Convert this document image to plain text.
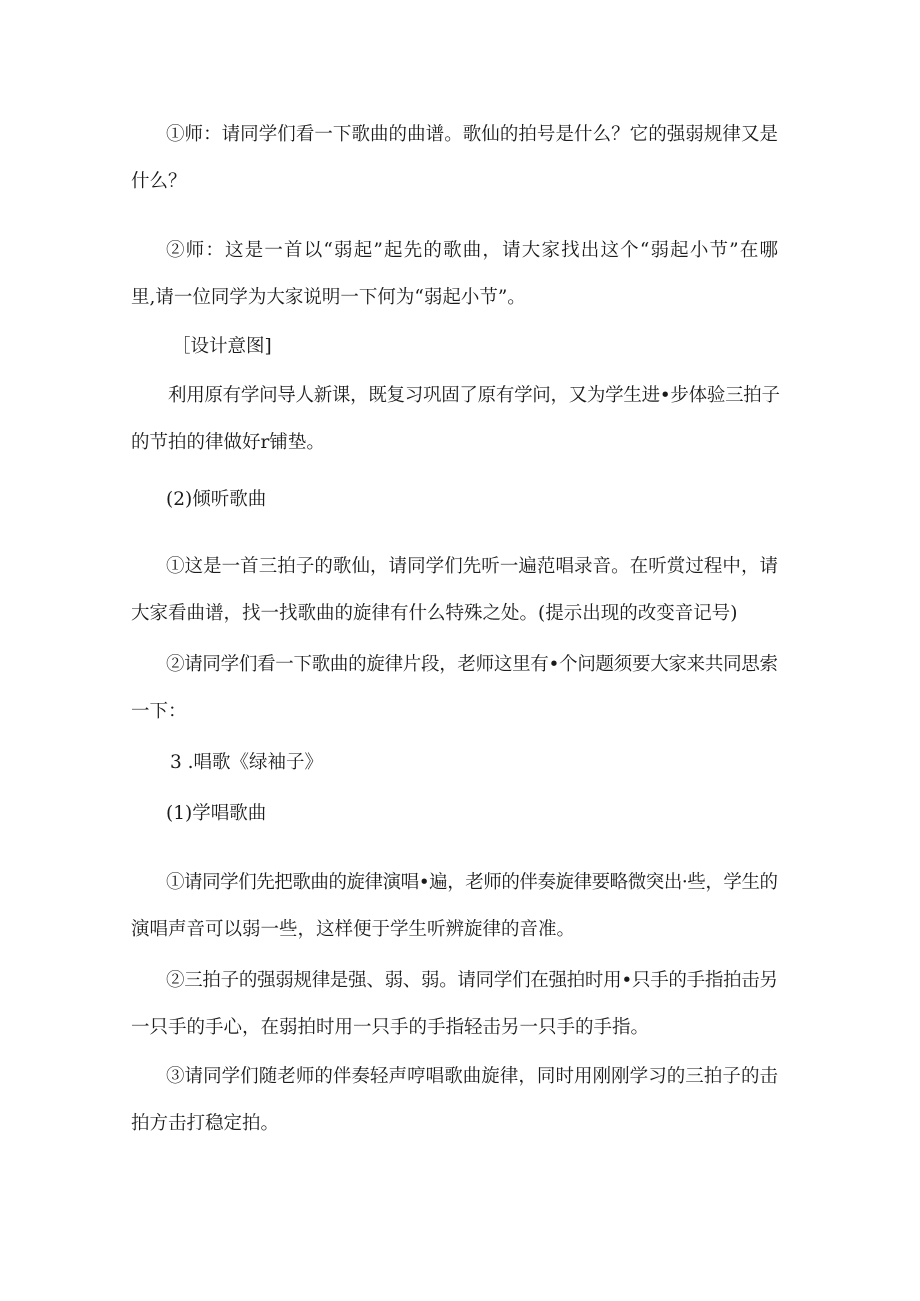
①师：请同学们看一下歌曲的曲谱。歌仙的拍号是什么？它的强弱规律又是
什么？
②师：这是一首以“弱起”起先的歌曲，请大家找出这个“弱起小节”在哪
里,请一位同学为大家说明一下何为“弱起小节”。
［设计意图]
利用原有学问导人新课，既复习巩固了原有学问，又为学生进•步体验三拍子
的节拍的律做好r铺垫。
(2)倾听歌曲
①这是一首三拍子的歌仙，请同学们先听一遍范唱录音。在听赏过程中，请
大家看曲谱，找一找歌曲的旋律有什么特殊之处。(提示出现的改变音记号)
②请同学们看一下歌曲的旋律片段，老师这里有•个问题须要大家来共同思索
一下：
3 .唱歌《绿袖子》
(1)学唱歌曲
①请同学们先把歌曲的旋律演唱•遍，老师的伴奏旋律要略微突出·些，学生的
演唱声音可以弱一些，这样便于学生听辨旋律的音准。
②三拍子的强弱规律是强、弱、弱。请同学们在强拍时用•只手的手指拍击另
一只手的手心，在弱拍时用一只手的手指轻击另一只手的手指。
③请同学们随老师的伴奏轻声哼唱歌曲旋律，同时用刚刚学习的三拍子的击
拍方击打稳定拍。
